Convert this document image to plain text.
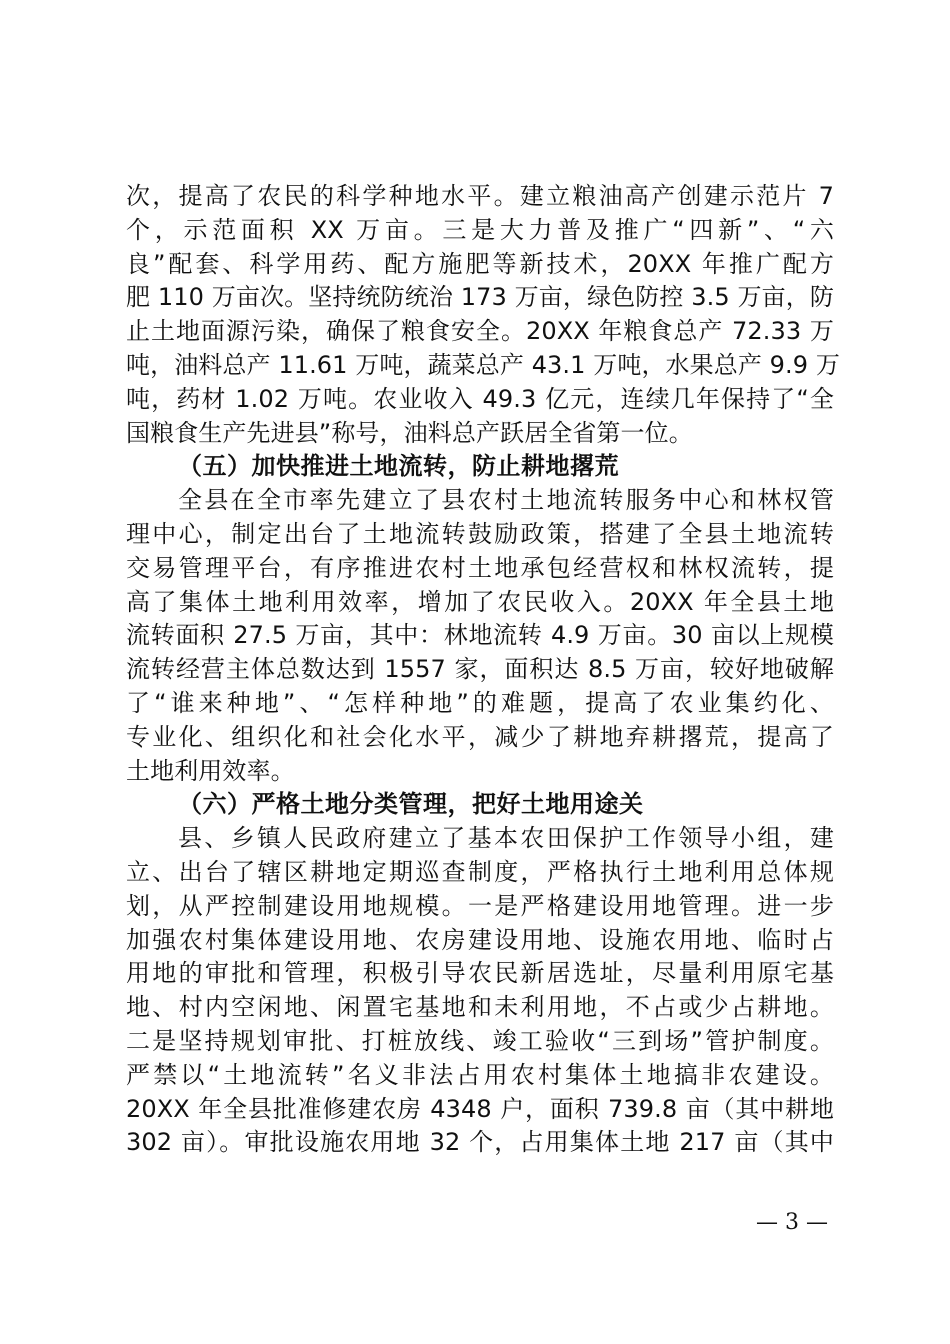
次，提高了农民的科学种地水平。建立粮油高产创建示范片 7
个，示范面积 XX 万亩。三是大力普及推广“四新”、“六
良”配套、科学用药、配方施肥等新技术，20XX 年推广配方
肥 110 万亩次。坚持统防统治 173 万亩，绿色防控 3.5 万亩，防
止土地面源污染，确保了粮食安全。20XX 年粮食总产 72.33 万
吨，油料总产 11.61 万吨，蔬菜总产 43.1 万吨，水果总产 9.9 万
吨，药材 1.02 万吨。农业收入 49.3 亿元，连续几年保持了“全
国粮食生产先进县”称号，油料总产跃居全省第一位。
（五）加快推进土地流转，防止耕地撂荒
全县在全市率先建立了县农村土地流转服务中心和林权管
理中心，制定出台了土地流转鼓励政策，搭建了全县土地流转
交易管理平台，有序推进农村土地承包经营权和林权流转，提
高了集体土地利用效率，增加了农民收入。20XX 年全县土地
流转面积 27.5 万亩，其中：林地流转 4.9 万亩。30 亩以上规模
流转经营主体总数达到 1557 家，面积达 8.5 万亩，较好地破解
了“谁来种地”、“怎样种地”的难题，提高了农业集约化、
专业化、组织化和社会化水平，减少了耕地弃耕撂荒，提高了
土地利用效率。
（六）严格土地分类管理，把好土地用途关
县、乡镇人民政府建立了基本农田保护工作领导小组，建
立、出台了辖区耕地定期巡查制度，严格执行土地利用总体规
划，从严控制建设用地规模。一是严格建设用地管理。进一步
加强农村集体建设用地、农房建设用地、设施农用地、临时占
用地的审批和管理，积极引导农民新居选址，尽量利用原宅基
地、村内空闲地、闲置宅基地和未利用地，不占或少占耕地。
二是坚持规划审批、打桩放线、竣工验收“三到场”管护制度。
严禁以“土地流转”名义非法占用农村集体土地搞非农建设。
20XX 年全县批准修建农房 4348 户，面积 739.8 亩（其中耕地
302 亩）。审批设施农用地 32 个，占用集体土地 217 亩（其中
— 3 —
